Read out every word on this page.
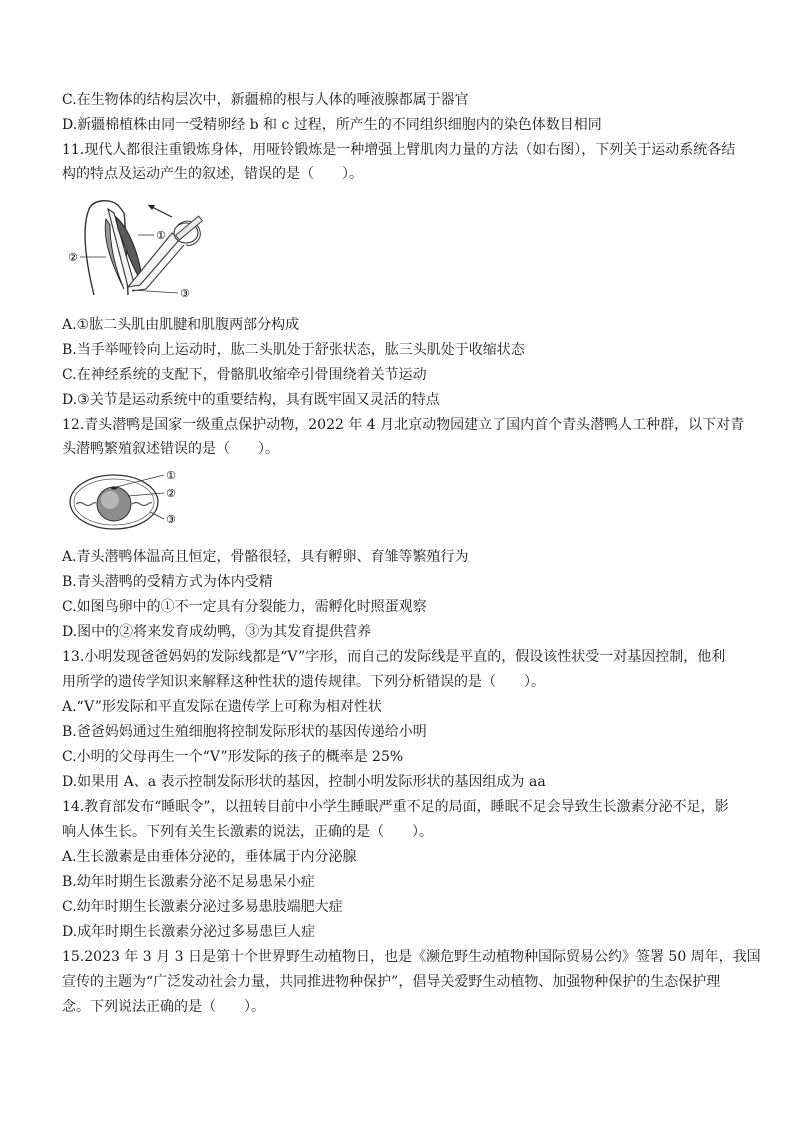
C.在生物体的结构层次中，新疆棉的根与人体的唾液腺都属于器官
D.新疆棉植株由同一受精卵经 b 和 c 过程，所产生的不同组织细胞内的染色体数目相同
11.现代人都很注重锻炼身体，用哑铃锻炼是一种增强上臂肌肉力量的方法（如右图），下列关于运动系统各结
构的特点及运动产生的叙述，错误的是（　　）。
①
②
③
A.①肱二头肌由肌腱和肌腹两部分构成
B.当手举哑铃向上运动时，肱二头肌处于舒张状态，肱三头肌处于收缩状态
C.在神经系统的支配下，骨骼肌收缩牵引骨围绕着关节运动
D.③关节是运动系统中的重要结构，具有既牢固又灵活的特点
12.青头潜鸭是国家一级重点保护动物，2022 年 4 月北京动物园建立了国内首个青头潜鸭人工种群，以下对青
头潜鸭繁殖叙述错误的是（　　）。
①
②
③
A.青头潜鸭体温高且恒定，骨骼很轻，具有孵卵、育雏等繁殖行为
B.青头潜鸭的受精方式为体内受精
C.如图鸟卵中的①不一定具有分裂能力，需孵化时照蛋观察
D.图中的②将来发育成幼鸭，③为其发育提供营养
13.小明发现爸爸妈妈的发际线都是“V”字形，而自己的发际线是平直的，假设该性状受一对基因控制，他利
用所学的遗传学知识来解释这种性状的遗传规律。下列分析错误的是（　　）。
A.“V”形发际和平直发际在遗传学上可称为相对性状
B.爸爸妈妈通过生殖细胞将控制发际形状的基因传递给小明
C.小明的父母再生一个“V”形发际的孩子的概率是 25%
D.如果用 A、a 表示控制发际形状的基因，控制小明发际形状的基因组成为 aa
14.教育部发布“睡眠令”，以扭转目前中小学生睡眠严重不足的局面，睡眠不足会导致生长激素分泌不足，影
响人体生长。下列有关生长激素的说法，正确的是（　　）。
A.生长激素是由垂体分泌的，垂体属于内分泌腺
B.幼年时期生长激素分泌不足易患呆小症
C.幼年时期生长激素分泌过多易患肢端肥大症
D.成年时期生长激素分泌过多易患巨人症
15.2023 年 3 月 3 日是第十个世界野生动植物日，也是《濒危野生动植物种国际贸易公约》签署 50 周年，我国
宣传的主题为“广泛发动社会力量，共同推进物种保护”，倡导关爱野生动植物、加强物种保护的生态保护理
念。下列说法正确的是（　　）。
